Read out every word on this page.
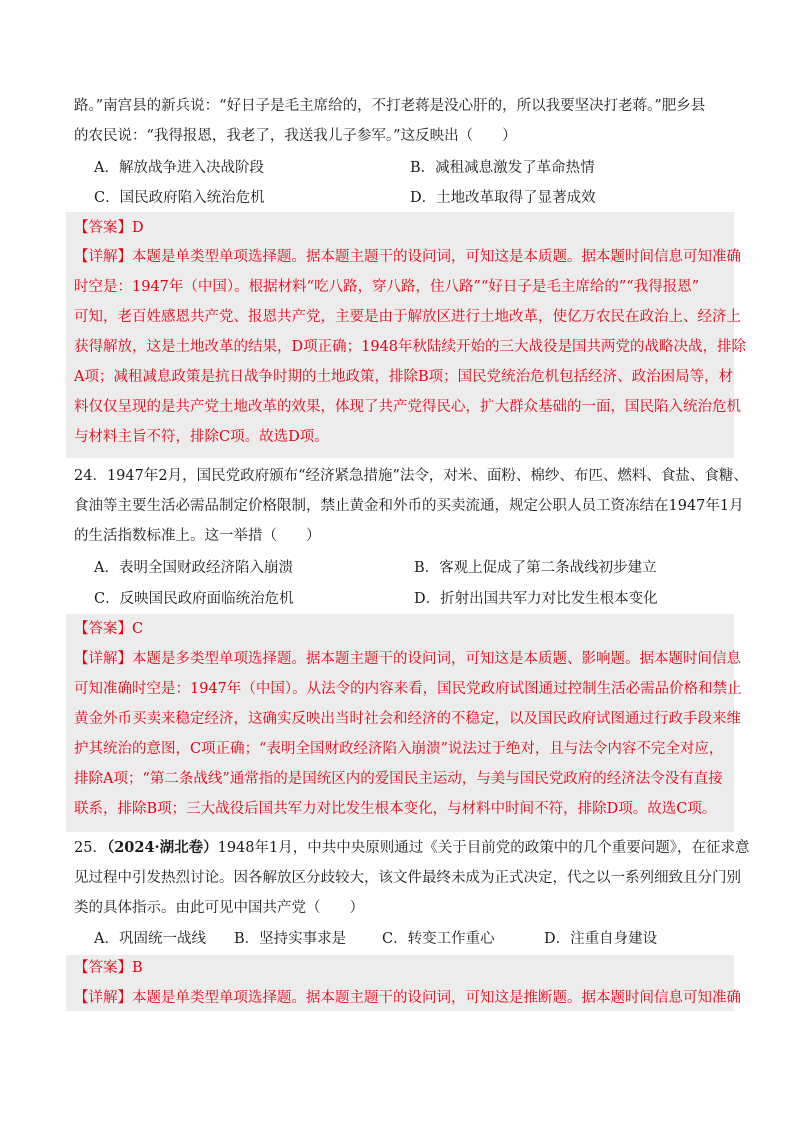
路。”南宫县的新兵说：“好日子是毛主席给的，不打老蒋是没心肝的，所以我要坚决打老蒋。”肥乡县
的农民说：“我得报恩，我老了，我送我儿子参军。”这反映出（　　）
A．解放战争进入决战阶段	B．减租减息激发了革命热情
C．国民政府陷入统治危机	D．土地改革取得了显著成效
【答案】D
【详解】本题是单类型单项选择题。据本题主题干的设问词，可知这是本质题。据本题时间信息可知准确
时空是：1947年（中国）。根据材料“吃八路，穿八路，住八路”“好日子是毛主席给的”“我得报恩”
可知，老百姓感恩共产党、报恩共产党，主要是由于解放区进行土地改革，使亿万农民在政治上、经济上
获得解放，这是土地改革的结果，D项正确；1948年秋陆续开始的三大战役是国共两党的战略决战，排除
A项；减租减息政策是抗日战争时期的土地政策，排除B项；国民党统治危机包括经济、政治困局等，材
料仅仅呈现的是共产党土地改革的效果，体现了共产党得民心，扩大群众基础的一面，国民陷入统治危机
与材料主旨不符，排除C项。故选D项。
24．1947年2月，国民党政府颁布“经济紧急措施”法令，对米、面粉、棉纱、布匹、燃料、食盐、食糖、
食油等主要生活必需品制定价格限制，禁止黄金和外币的买卖流通，规定公职人员工资冻结在1947年1月
的生活指数标准上。这一举措（　　）
A．表明全国财政经济陷入崩溃	B．客观上促成了第二条战线初步建立
C．反映国民政府面临统治危机	D．折射出国共军力对比发生根本变化
【答案】C
【详解】本题是多类型单项选择题。据本题主题干的设问词，可知这是本质题、影响题。据本题时间信息
可知准确时空是：1947年（中国）。从法令的内容来看，国民党政府试图通过控制生活必需品价格和禁止
黄金外币买卖来稳定经济，这确实反映出当时社会和经济的不稳定，以及国民政府试图通过行政手段来维
护其统治的意图，C项正确；“表明全国财政经济陷入崩溃”说法过于绝对，且与法令内容不完全对应，
排除A项；“第二条战线”通常指的是国统区内的爱国民主运动，与美与国民党政府的经济法令没有直接
联系，排除B项；三大战役后国共军力对比发生根本变化，与材料中时间不符，排除D项。故选C项。
25．（2024·湖北卷）1948年1月，中共中央原则通过《关于目前党的政策中的几个重要问题》，在征求意
见过程中引发热烈讨论。因各解放区分歧较大，该文件最终未成为正式决定，代之以一系列细致且分门别
类的具体指示。由此可见中国共产党（　　）
A．巩固统一战线 B．坚持实事求是 C．转变工作重心	D．注重自身建设
【答案】B
【详解】本题是单类型单项选择题。据本题主题干的设问词，可知这是推断题。据本题时间信息可知准确
